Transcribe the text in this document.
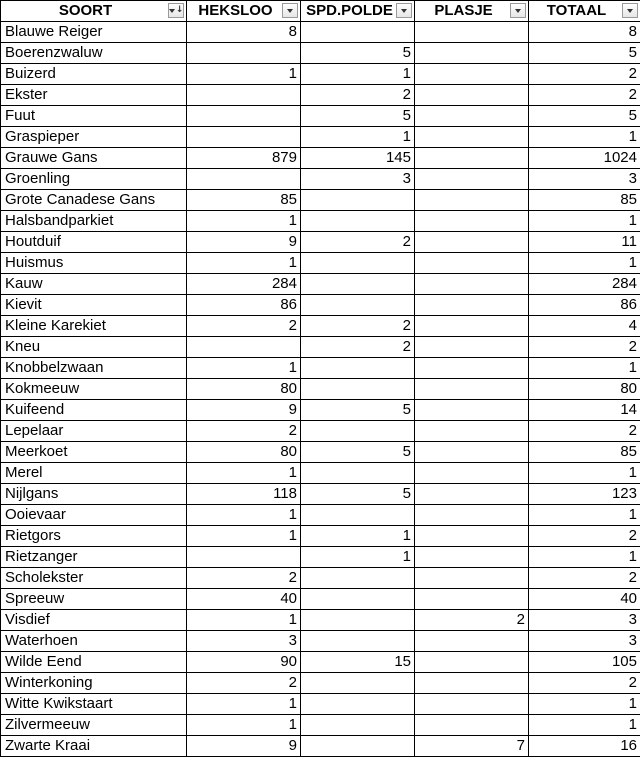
SOORT ↓	HEKSLOO	SPD.POLDE	PLASJE	TOTAAL

Blauwe Reiger	8			8
Boerenzwaluw		5		5
Buizerd	1	1		2
Ekster		2		2
Fuut		5		5
Graspieper		1		1
Grauwe Gans	879	145		1024
Groenling		3		3
Grote Canadese Gans	85			85
Halsbandparkiet	1			1
Houtduif	9	2		11
Huismus	1			1
Kauw	284			284
Kievit	86			86
Kleine Karekiet	2	2		4
Kneu		2		2
Knobbelzwaan	1			1
Kokmeeuw	80			80
Kuifeend	9	5		14
Lepelaar	2			2
Meerkoet	80	5		85
Merel	1			1
Nijlgans	118	5		123
Ooievaar	1			1
Rietgors	1	1		2
Rietzanger		1		1
Scholekster	2			2
Spreeuw	40			40
Visdief	1		2	3
Waterhoen	3			3
Wilde Eend	90	15		105
Winterkoning	2			2
Witte Kwikstaart	1			1
Zilvermeeuw	1			1
Zwarte Kraai	9		7	16
